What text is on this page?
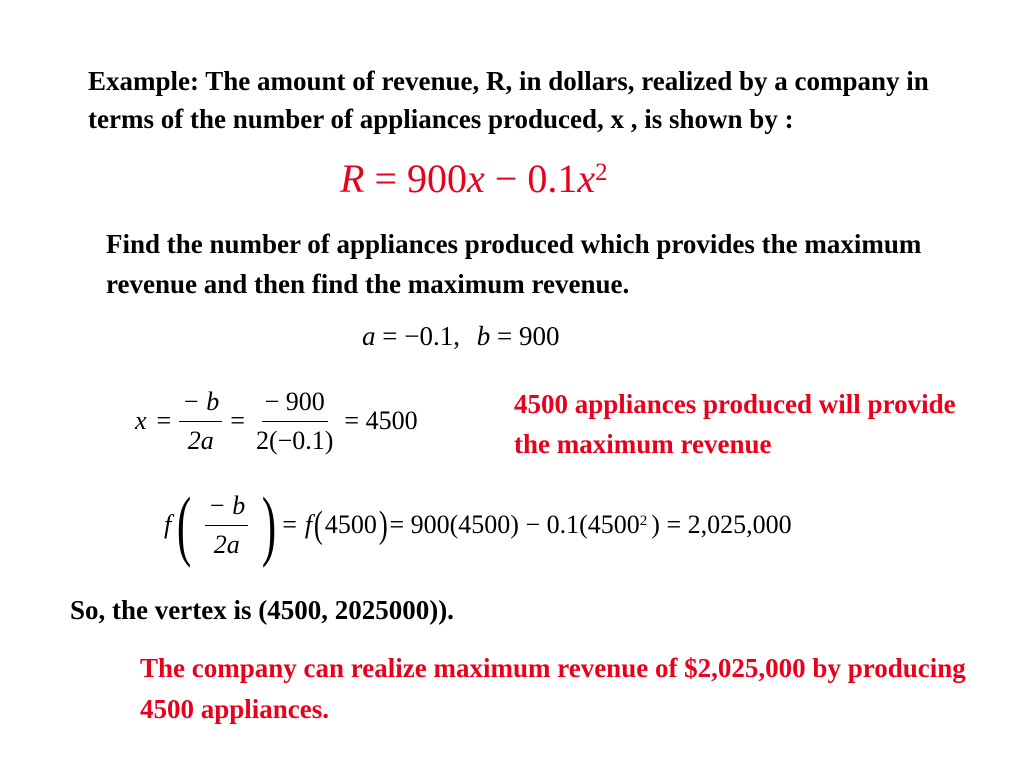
Example: The amount of revenue, R, in dollars, realized by a company in terms of the number of appliances produced, x , is shown by :
$R = 900x - 0.1x^2$
Find the number of appliances produced which provides the maximum revenue and then find the maximum revenue.
a = −0.1, b = 900
$x = \frac{- b}{2a} = \frac{- 900}{2(-0.1)} = 4500$
4500 appliances produced will provide the maximum revenue
f ( $\frac{- b}{2a}$ ) = f ( 4500 ) = $900(4500) - 0.1(4500^2$ ) = 2,025,000
So, the vertex is (4500, 2025000)).
The company can realize maximum revenue of $2,025,000 by producing 4500 appliances.
